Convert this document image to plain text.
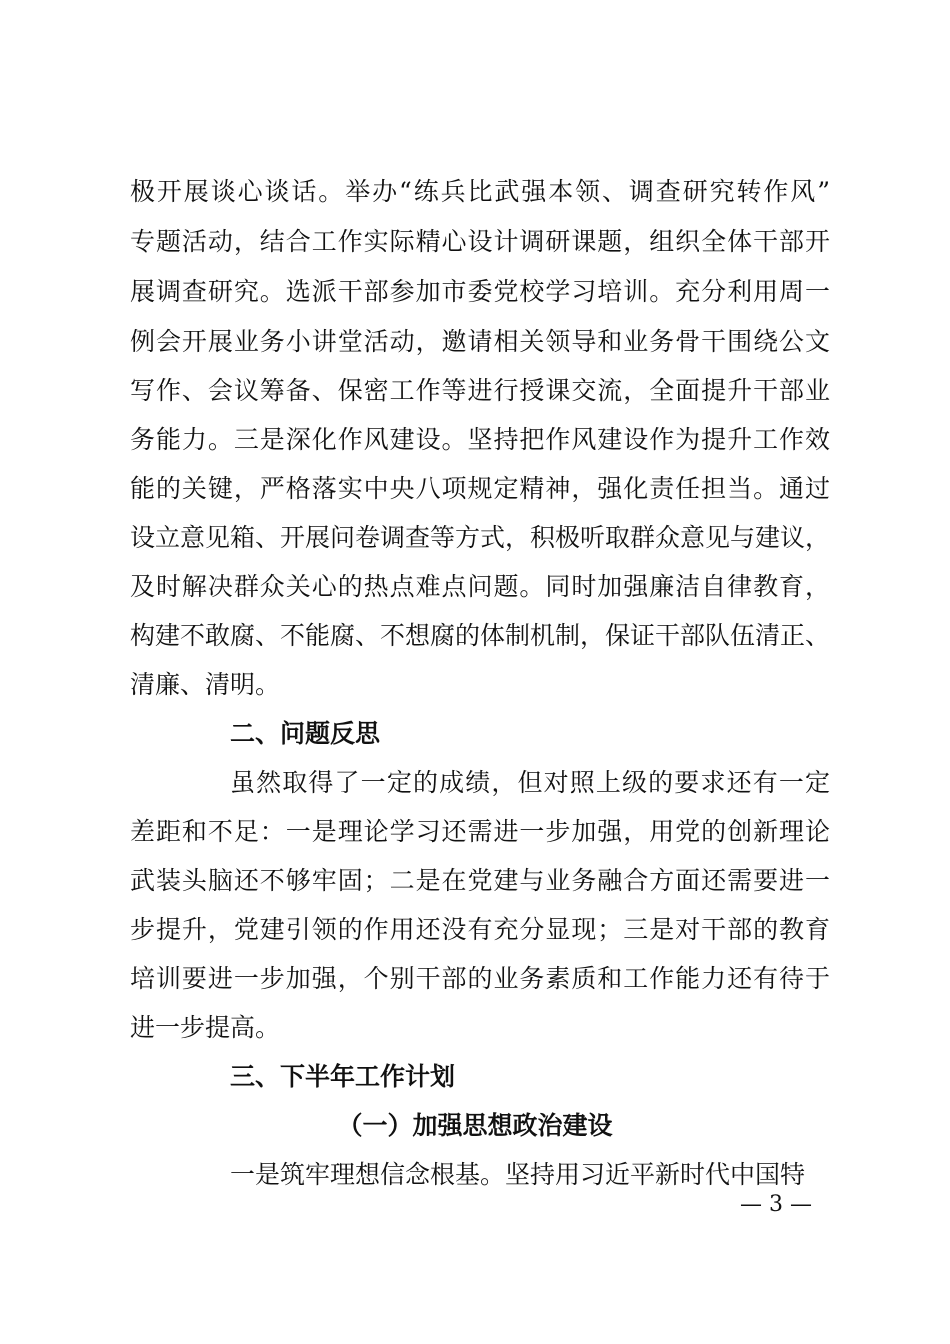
极开展谈心谈话。举办“练兵比武强本领、调查研究转作风”
专题活动，结合工作实际精心设计调研课题，组织全体干部开
展调查研究。选派干部参加市委党校学习培训。充分利用周一
例会开展业务小讲堂活动，邀请相关领导和业务骨干围绕公文
写作、会议筹备、保密工作等进行授课交流，全面提升干部业
务能力。三是深化作风建设。坚持把作风建设作为提升工作效
能的关键，严格落实中央八项规定精神，强化责任担当。通过
设立意见箱、开展问卷调查等方式，积极听取群众意见与建议，
及时解决群众关心的热点难点问题。同时加强廉洁自律教育，
构建不敢腐、不能腐、不想腐的体制机制，保证干部队伍清正、
清廉、清明。
二、问题反思
虽然取得了一定的成绩，但对照上级的要求还有一定
差距和不足：一是理论学习还需进一步加强，用党的创新理论
武装头脑还不够牢固；二是在党建与业务融合方面还需要进一
步提升，党建引领的作用还没有充分显现；三是对干部的教育
培训要进一步加强，个别干部的业务素质和工作能力还有待于
进一步提高。
三、下半年工作计划
（一）加强思想政治建设
一是筑牢理想信念根基。坚持用习近平新时代中国特
— 3 —
